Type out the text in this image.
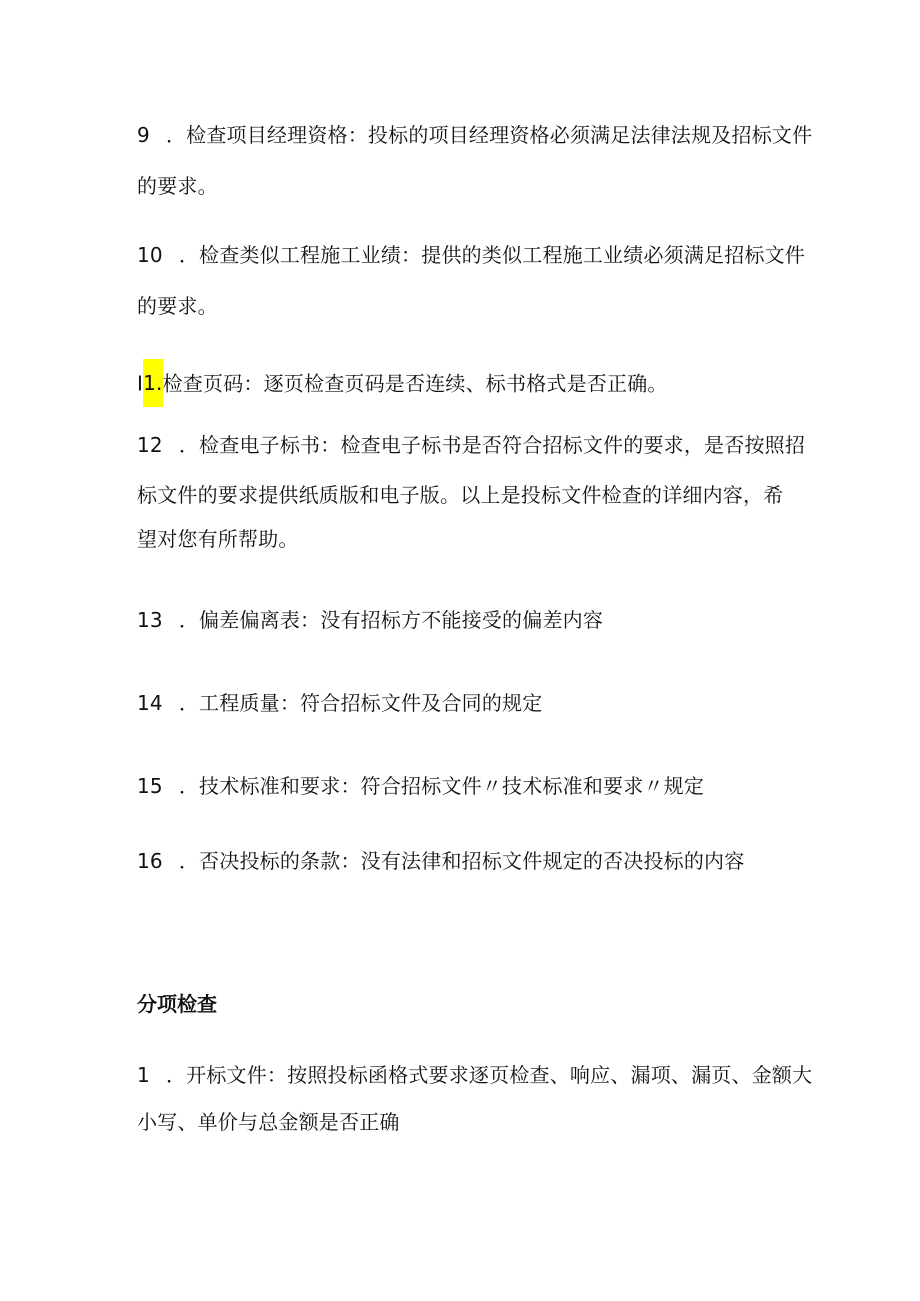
9 ．检查项目经理资格：投标的项目经理资格必须满足法律法规及招标文件
的要求。
10 ．检查类似工程施工业绩：提供的类似工程施工业绩必须满足招标文件
的要求。
I1.检查页码：逐页检查页码是否连续、标书格式是否正确。
12 ．检查电子标书：检查电子标书是否符合招标文件的要求，是否按照招
标文件的要求提供纸质版和电子版。以上是投标文件检查的详细内容，希
望对您有所帮助。
13 ．偏差偏离表：没有招标方不能接受的偏差内容
14 ．工程质量：符合招标文件及合同的规定
15 ．技术标准和要求：符合招标文件〃技术标准和要求〃规定
16 ．否决投标的条款：没有法律和招标文件规定的否决投标的内容
分项检查
1 ．开标文件：按照投标函格式要求逐页检查、响应、漏项、漏页、金额大
小写、单价与总金额是否正确
